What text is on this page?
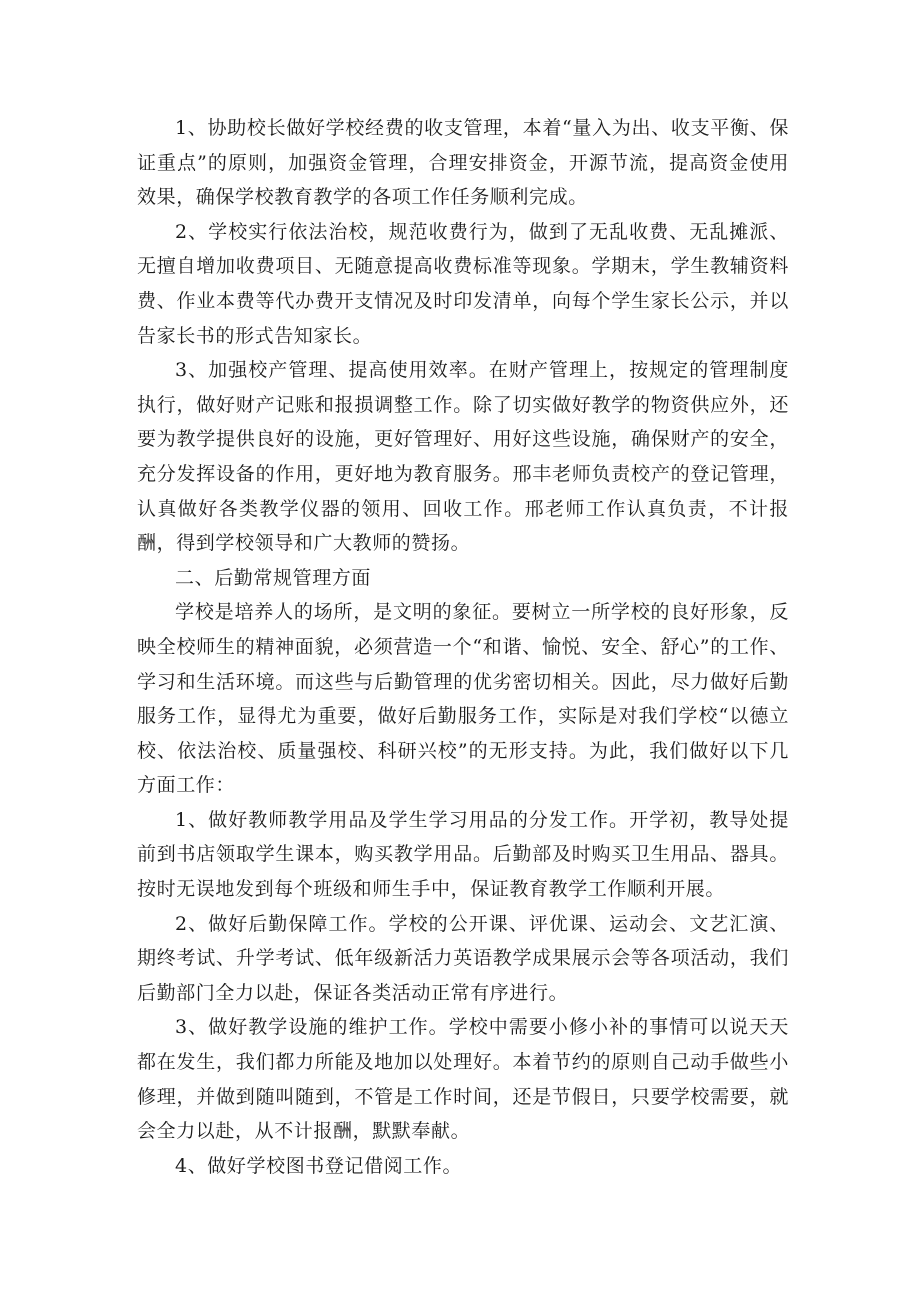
1、协助校长做好学校经费的收支管理，本着“量入为出、收支平衡、保证重点”的原则，加强资金管理，合理安排资金，开源节流，提高资金使用效果，确保学校教育教学的各项工作任务顺利完成。

2、学校实行依法治校，规范收费行为，做到了无乱收费、无乱摊派、无擅自增加收费项目、无随意提高收费标准等现象。学期末，学生教辅资料费、作业本费等代办费开支情况及时印发清单，向每个学生家长公示，并以告家长书的形式告知家长。

3、加强校产管理、提高使用效率。在财产管理上，按规定的管理制度执行，做好财产记账和报损调整工作。除了切实做好教学的物资供应外，还要为教学提供良好的设施，更好管理好、用好这些设施，确保财产的安全，充分发挥设备的作用，更好地为教育服务。邢丰老师负责校产的登记管理，认真做好各类教学仪器的领用、回收工作。邢老师工作认真负责，不计报酬，得到学校领导和广大教师的赞扬。

二、后勤常规管理方面

学校是培养人的场所，是文明的象征。要树立一所学校的良好形象，反映全校师生的精神面貌，必须营造一个“和谐、愉悦、安全、舒心”的工作、学习和生活环境。而这些与后勤管理的优劣密切相关。因此，尽力做好后勤服务工作，显得尤为重要，做好后勤服务工作，实际是对我们学校“以德立校、依法治校、质量强校、科研兴校”的无形支持。为此，我们做好以下几方面工作：

1、做好教师教学用品及学生学习用品的分发工作。开学初，教导处提前到书店领取学生课本，购买教学用品。后勤部及时购买卫生用品、器具。按时无误地发到每个班级和师生手中，保证教育教学工作顺利开展。

2、做好后勤保障工作。学校的公开课、评优课、运动会、文艺汇演、期终考试、升学考试、低年级新活力英语教学成果展示会等各项活动，我们后勤部门全力以赴，保证各类活动正常有序进行。

3、做好教学设施的维护工作。学校中需要小修小补的事情可以说天天都在发生，我们都力所能及地加以处理好。本着节约的原则自己动手做些小修理，并做到随叫随到，不管是工作时间，还是节假日，只要学校需要，就会全力以赴，从不计报酬，默默奉献。

4、做好学校图书登记借阅工作。
